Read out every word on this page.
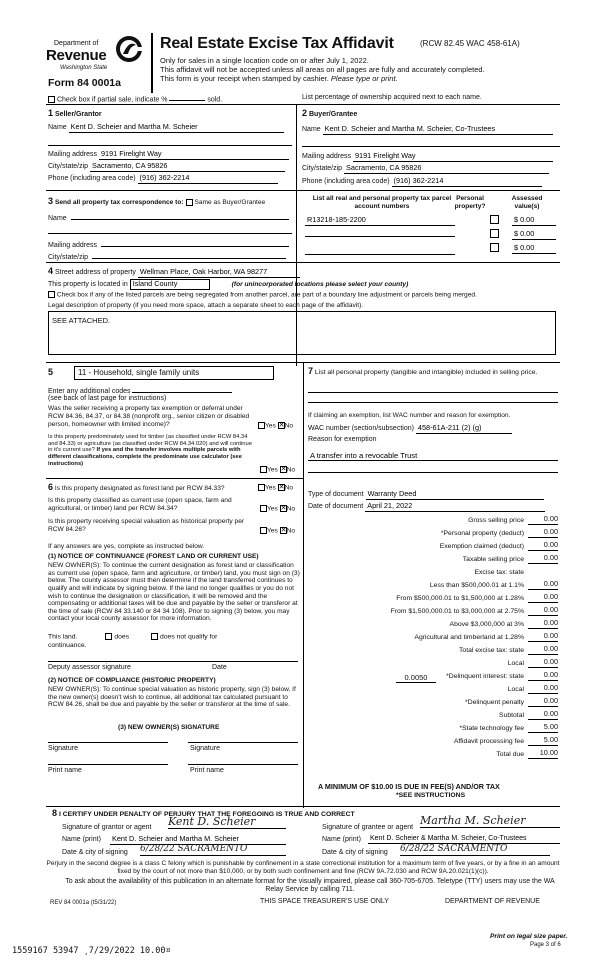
Department of
Revenue
Washington State
Form 84 0001a
Real Estate Excise Tax Affidavit	(RCW 82.45 WAC 458-61A)
Only for sales in a single location code on or after July 1, 2022.
This affidavit will not be accepted unless all areas on all pages are fully and accurately completed.
This form is your receipt when stamped by cashier. Please type or print.
Check box if partial sale, indicate %	sold.	List percentage of ownership acquired next to each name.
1 Seller/Grantor
Name Kent D. Scheier and Martha M. Scheier
Mailing address 9191 Firelight Way
City/state/zip Sacramento, CA 95826
Phone (including area code) (916) 362-2214
2 Buyer/Grantee
Name Kent D. Scheier and Martha M. Scheier, Co-Trustees
Mailing address 9191 Firelight Way
City/state/zip Sacramento, CA 95826
Phone (including area code) (916) 362-2214
3 Send all property tax correspondence to: Same as Buyer/Grantee
Name
Mailing address
City/state/zip
List all real and personal property tax parcel account numbers
Personal property?
Assessed value(s)
R13218-185-2200	$ 0.00
$ 0.00
$ 0.00
4 Street address of property Wellman Place, Oak Harbor, WA 98277
This property is located in Island County	(for unincorporated locations please select your county)
Check box if any of the listed parcels are being segregated from another parcel, are part of a boundary line adjustment or parcels being merged.
Legal description of property (if you need more space, attach a separate sheet to each page of the affidavit).
SEE ATTACHED.
5	11 - Household, single family units
Enter any additional codes
(see back of last page for instructions)
Was the seller receiving a property tax exemption or deferral under RCW 84.36, 84.37, or 84.38 (nonprofit org., senior citizen or disabled person, homeowner with limited income)?	Yes ✕ No
Is this property predominately used for timber (as classified under RCW 84.34 and 84.33) or agriculture (as classified under RCW 84.34.020) and will continue in it's current use? If yes and the transfer involves multiple parcels with different classifications, complete the predominate use calculator (see instructions)
Yes ✕ No
6 Is this property designated as forest land per RCW 84.33?	Yes ✕ No
Is this property classified as current use (open space, farm and agricultural, or timber) land per RCW 84.34?	Yes ✕ No
Is this property receiving special valuation as historical property per RCW 84.26?	Yes ✕ No
If any answers are yes, complete as instructed below.
(1) NOTICE OF CONTINUANCE (FOREST LAND OR CURRENT USE)
NEW OWNER(S): To continue the current designation as forest land or classification as current use (open space, farm and agriculture, or timber) land, you must sign on (3) below. The county assessor must then determine if the land transferred continues to qualify and will indicate by signing below. If the land no longer qualifies or you do not wish to continue the designation or classification, it will be removed and the compensating or additional taxes will be due and payable by the seller or transferor at the time of sale (RCW 84 33.140 or 84 34 108). Prior to signing (3) below, you may contact your local county assessor for more information.
This land.	does	does not qualify for
continuance.
Deputy assessor signature	Date
(2) NOTICE OF COMPLIANCE (HISTORIC PROPERTY)
NEW OWNER(S): To continue special valuation as historic property, sign (3) below. If the new owner(s) doesn't wish to continue, all additional tax calculated pursuant to RCW 84.26, shall be due and payable by the seller or transferor at the time of sale.
(3) NEW OWNER(S) SIGNATURE
Signature	Signature
Print name	Print name
7 List all personal property (tangible and intangible) included in selling price.
If claiming an exemption, list WAC number and reason for exemption.
WAC number (section/subsection) 458-61A-211 (2) (g)
Reason for exemption
A transfer into a revocable Trust
Type of document Warranty Deed
Date of document April 21, 2022
Gross selling price	0.00
*Personal property (deduct)	0.00
Exemption claimed (deduct)	0.00
Taxable selling price	0.00
Excise tax: state
Less than $500,000.01 at 1.1%	0.00
From $500,000.01 to $1,500,000 at 1.28%	0.00
From $1,500,000.01 to $3,000,000 at 2.75%	0.00
Above $3,000,000 at 3%	0.00
Agricultural and timberland at 1.28%	0.00
Total excise tax: state	0.00
Local	0.00
*Delinquent interest: state	0.00
Local	0.00
*Delinquent penalty	0.00
Subtotal	0.00
*State technology fee	5.00
Affidavit processing fee	5.00
Total due	10.00
0.0050
A MINIMUM OF $10.00 IS DUE IN FEE(S) AND/OR TAX
*SEE INSTRUCTIONS
8 I CERTIFY UNDER PENALTY OF PERJURY THAT THE FOREGOING IS TRUE AND CORRECT
Signature of grantor or agent Kent D. Scheier
Name (print) Kent D. Scheier and Martha M. Scheier
Date & city of signing 6/28/22 SACRAMENTO
Signature of grantee or agent
Martha M. Scheier
Name (print) Kent D. Scheier & Martha M. Scheier, Co-Trustees
Date & city of signing 6/28/22 SACRAMENTO
Perjury in the second degree is a class C felony which is punishable by confinement in a state correctional institution for a maximum term of five years, or by a fine in an amount fixed by the court of not more than $10,000, or by both such confinement and fine (RCW 9A.72.030 and RCW 9A.20.021(1)(c)).
To ask about the availability of this publication in an alternate format for the visually impaired, please call 360-705-6705. Teletype (TTY) users may use the WA Relay Service by calling 711.
REV 84 0001a (t5/31/22)	THIS SPACE TREASURER'S USE ONLY	DEPARTMENT OF REVENUE
Print on legal size paper.
Page 3 of 6
1559167 53947 ¸7/29/2022 10.00¤
